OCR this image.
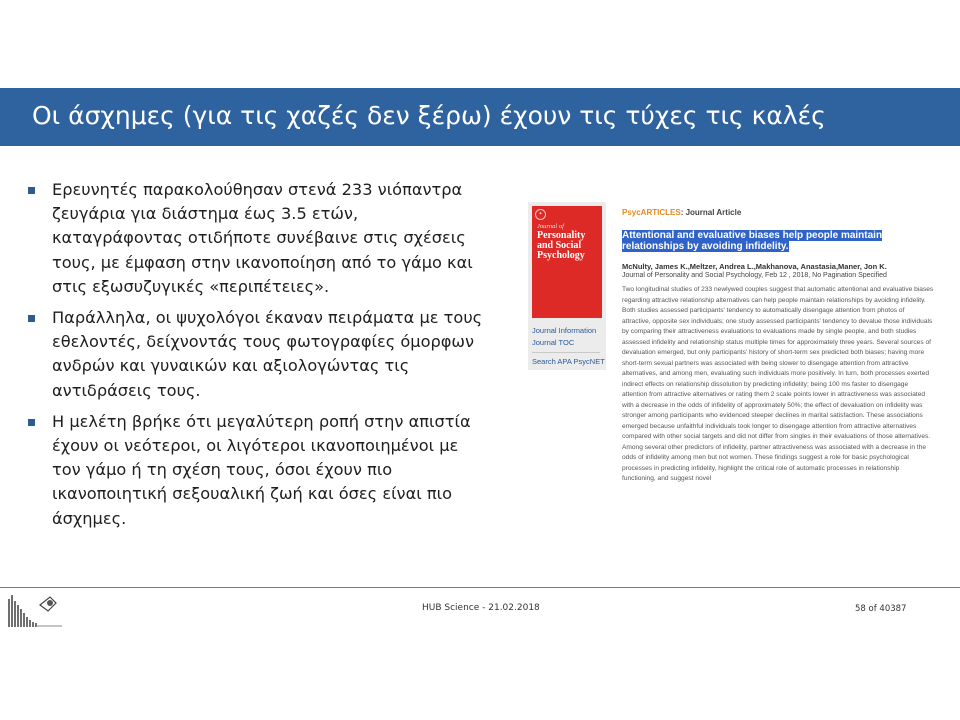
Οι άσχημες (για τις χαζές δεν ξέρω) έχουν τις τύχες τις καλές
Ερευνητές παρακολούθησαν στενά 233 νιόπαντρα ζευγάρια για διάστημα έως 3.5 ετών, καταγράφοντας οτιδήποτε συνέβαινε στις σχέσεις τους, με έμφαση στην ικανοποίηση από το γάμο και στις εξωσυζυγικές «περιπέτειες».
Παράλληλα, οι ψυχολόγοι έκαναν πειράματα με τους εθελοντές, δείχνοντάς τους φωτογραφίες όμορφων ανδρών και γυναικών και αξιολογώντας τις αντιδράσεις τους.
Η μελέτη βρήκε ότι μεγαλύτερη ροπή στην απιστία έχουν οι νεότεροι, οι λιγότεροι ικανοποιημένοι με τον γάμο ή τη σχέση τους, όσοι έχουν πιο ικανοποιητική σεξουαλική ζωή και όσες είναι πιο άσχημες.
✦
Journal of
Personality and Social Psychology
Journal Information
Journal TOC
Search APA PsycNET
PsycARTICLES: Journal Article
Attentional and evaluative biases help people maintain relationships by avoiding infidelity.
McNulty, James K.,Meltzer, Andrea L.,Makhanova, Anastasia,Maner, Jon K.
Journal of Personality and Social Psychology, Feb 12 , 2018, No Pagination Specified
Two longitudinal studies of 233 newlywed couples suggest that automatic attentional and evaluative biases regarding attractive relationship alternatives can help people maintain relationships by avoiding infidelity. Both studies assessed participants' tendency to automatically disengage attention from photos of attractive, opposite sex individuals; one study assessed participants' tendency to devalue those individuals by comparing their attractiveness evaluations to evaluations made by single people, and both studies assessed infidelity and relationship status multiple times for approximately three years. Several sources of devaluation emerged, but only participants' history of short-term sex predicted both biases; having more short-term sexual partners was associated with being slower to disengage attention from attractive alternatives, and among men, evaluating such individuals more positively. In turn, both processes exerted indirect effects on relationship dissolution by predicting infidelity; being 100 ms faster to disengage attention from attractive alternatives or rating them 2 scale points lower in attractiveness was associated with a decrease in the odds of infidelity of approximately 50%; the effect of devaluation on infidelity was stronger among participants who evidenced steeper declines in marital satisfaction. These associations emerged because unfaithful individuals took longer to disengage attention from attractive alternatives compared with other social targets and did not differ from singles in their evaluations of those alternatives. Among several other predictors of infidelity, partner attractiveness was associated with a decrease in the odds of infidelity among men but not women. These findings suggest a role for basic psychological processes in predicting infidelity, highlight the critical role of automatic processes in relationship functioning, and suggest novel
HUB Science - 21.02.2018	58 of 40387
